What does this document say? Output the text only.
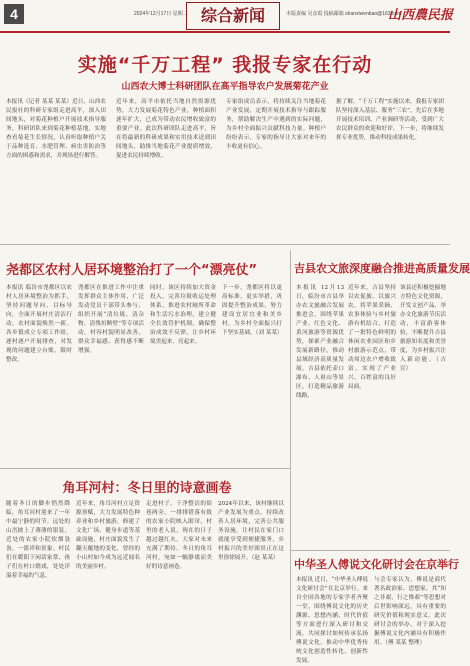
4	2024年12月17日 星期二 综合新闻	本版责编 吴彦霞 投稿邮箱 shanxiwenbao@163.com
山西農民报
实施“千万工程” 我报专家在行动
山西农大博士科研团队在高平指导农户发展菊花产业
本报讯（记者 某某 某某）近日，山西农民报社的科研专家组走进高平，深入田间地头，对菊花种植户开展技术指导服务。科研团队来到菊花种植基地，实地查看菊花生长情况，认真听取种植户关于品种选育、水肥管理、病虫害防治等方面的困惑和需求，并现场进行解答。
近年来，高平市依托当地自然资源优势，大力发展菊花特色产业，种植面积逐年扩大，已成为带动农民增收致富的重要产业。此次科研团队走进高平，旨在将最新的科研成果和实用技术送到田间地头，助推当地菊花产业提质增效，促进农民持续增收。
专家组成员表示，将持续关注当地菊花产业发展，定期开展技术指导与跟踪服务，帮助解决生产中遇到的实际问题，为乡村全面振兴贡献科技力量。种植户纷纷表示，专家的指导让大家对来年的丰收更有信心。
据了解，“千万工程”实施以来，我报专家团队坚持深入基层、服务“三农”，先后在多地开展技术培训、产业调研等活动，受到广大农民群众的欢迎和好评。下一步，将继续发挥专业优势，推动科技成果转化。
尧都区农村人居环境整治打了一个“漂亮仗”
本报讯 临汾市尧都区以农村人居环境整治为抓手，坚持问题导向、目标导向，全面开展村庄清洁行动，农村面貌焕然一新。各乡镇成立专项工作组，逐村逐户开展排查，对发现的问题建立台账，限时整改。
尧都区在推进工作中注重发挥群众主体作用，广泛发动党员干部带头参与，组织开展“清垃圾、清杂物、清残垣断壁”等专项活动，村容村貌明显改善，群众幸福感、获得感不断增强。
同时，该区持续加大资金投入，完善垃圾收运处理体系，推进农村厕所革命和生活污水治理，建立健全长效管护机制，确保整治成效不反弹，让乡村环境美起来、亮起来。
下一步，尧都区将以更高标准、更实举措，巩固提升整治成果，努力建设宜居宜业和美乡村，为乡村全面振兴打下坚实基础。（刘 某某）
吉县农文旅深度融合推进高质量发展
本报讯 12月13日，临汾市吉县举办农文旅融合发展推进会，围绕苹果产业、红色文化、黄河旅游等资源优势，探索产业融合发展新路径，推动县域经济高质量发展。吉县依托壶口瀑布、人祖山等景区，打造精品旅游线路。
近年来，吉县坚持以农促旅、以旅兴农，将苹果采摘、农事体验与乡村旅游有机结合，打造了一批特色鲜明的休闲农业园区和乡村旅游示范点，带动周边农户增收致富，实现了产业兴、百姓富的良好局面。
该县还积极挖掘地方特色文化资源，开发文创产品，举办文化旅游节庆活动，丰富游客体验，不断提升吉县旅游知名度和美誉度，为乡村振兴注入新动能。（吉 宣）
角耳河村：冬日里的诗意画卷
随着冬日的脚步悄然降临，角耳河村迎来了一年中最宁静的时节。远处的山峦披上了薄薄的银装，近处的农家小院炊烟袅袅，一派祥和景象。村民们在暖阳下闲话家常，孩子们在村口嬉戏，处处洋溢着幸福的气息。
近年来，角耳河村立足资源禀赋，大力发展特色种养业和乡村旅游，修建了文化广场、健身步道等基础设施，村庄面貌发生了翻天覆地的变化，曾经的小山村如今成为远近闻名的美丽乡村。
走进村子，干净整洁的街巷两旁，一排排错落有致的农家小院映入眼帘。村里的老人说，现在的日子越过越红火，大家对未来充满了期待。冬日的角耳河村，宛如一幅静谧而美好的诗意画卷。
2024年以来，该村继续以产业发展为重点，持续改善人居环境，完善公共服务设施，让村民在家门口就能享受到便捷服务，乡村振兴的美好图景正在这里徐徐展开。（赵 某某）	中华圣人傅说文化研讨会在京举行
本报讯 近日，“中华圣人傅说文化研讨会”在北京举行。来自全国各地的专家学者齐聚一堂，围绕傅说文化的历史渊源、思想内涵、时代价值等方面进行深入研讨和交流，共同探讨如何传承弘扬傅说文化，推动中华优秀传统文化创造性转化、创新性发展。
与会专家认为，傅说是商代著名政治家、思想家，其“知之非艰，行之惟艰”等思想对后世影响深远，具有重要的研究价值和现实意义。此次研讨会的举办，对于深入挖掘傅说文化内涵具有积极作用。（傅 某某 整理）
